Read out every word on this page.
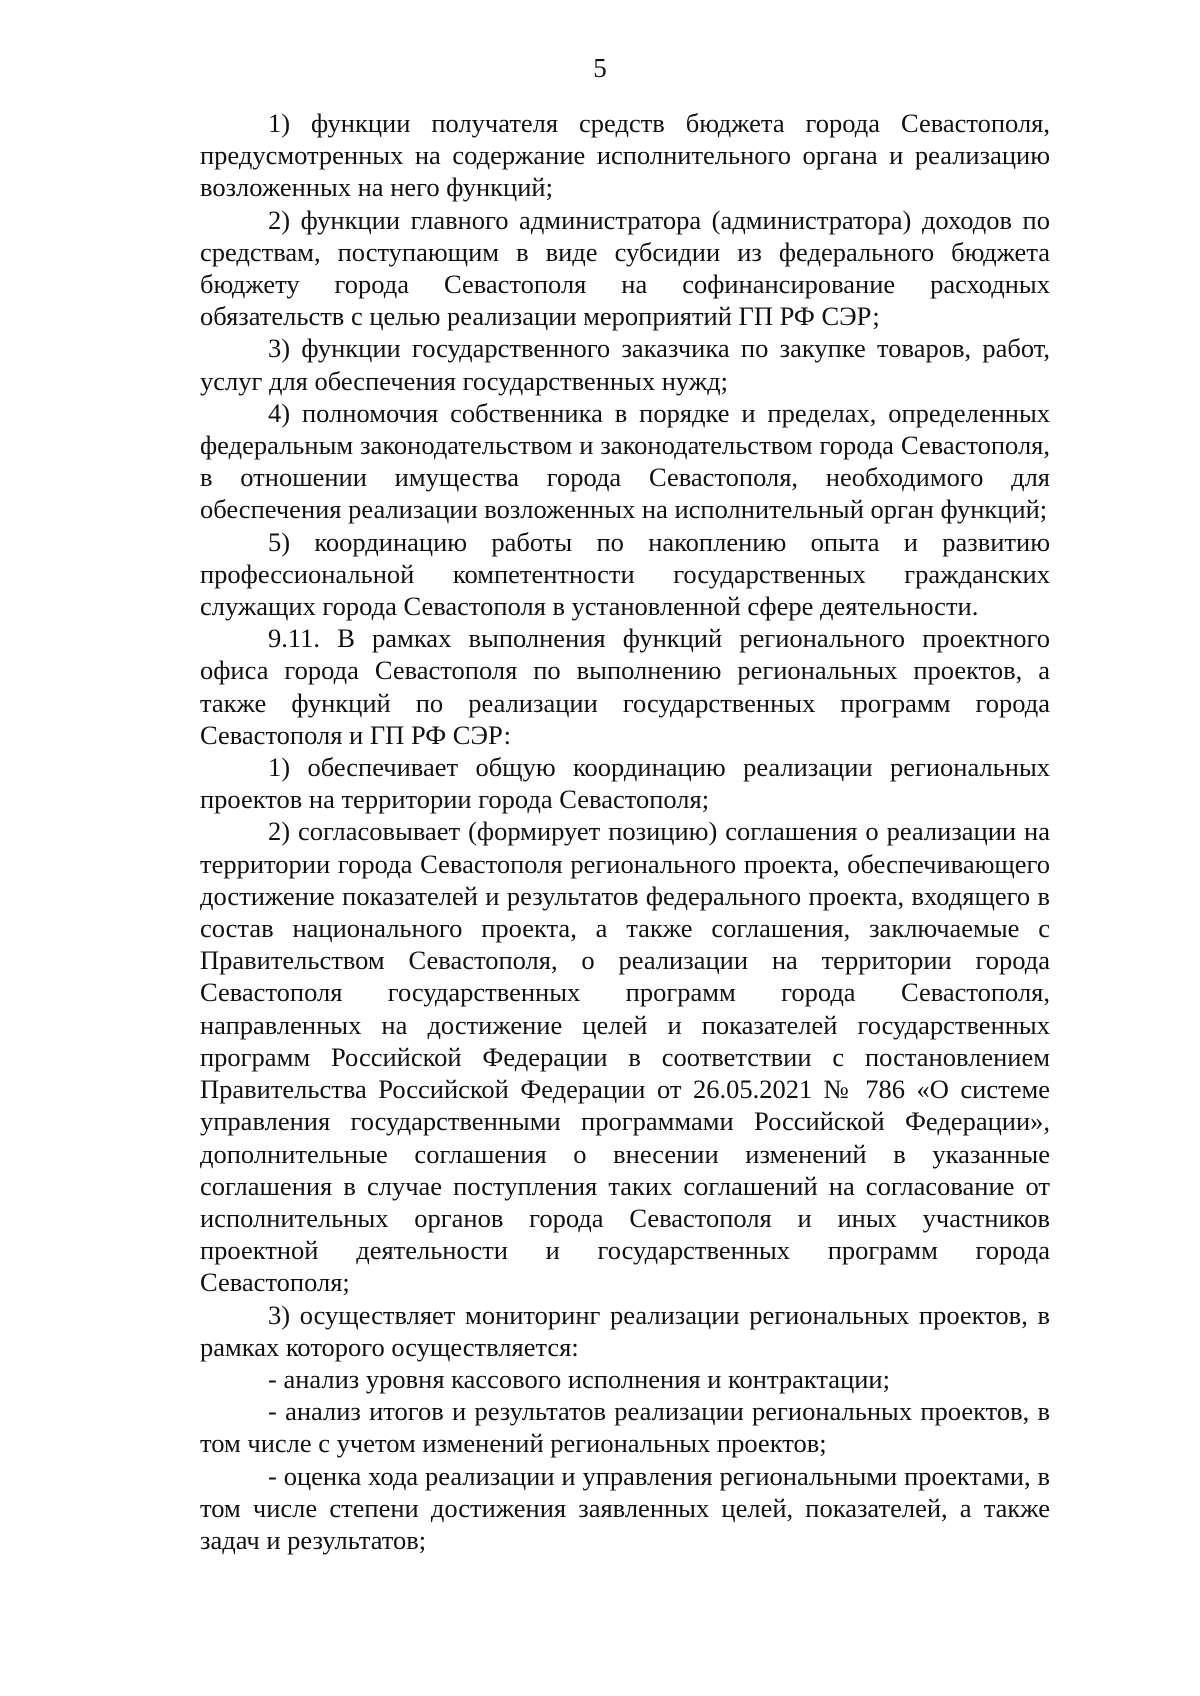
5

1) функции получателя средств бюджета города Севастополя, предусмотренных на содержание исполнительного органа и реализацию возложенных на него функций;

2) функции главного администратора (администратора) доходов по средствам, поступающим в виде субсидии из федерального бюджета бюджету города Севастополя на софинансирование расходных обязательств с целью реализации мероприятий ГП РФ СЭР;

3) функции государственного заказчика по закупке товаров, работ, услуг для обеспечения государственных нужд;

4) полномочия собственника в порядке и пределах, определенных федеральным законодательством и законодательством города Севастополя, в отношении имущества города Севастополя, необходимого для обеспечения реализации возложенных на исполнительный орган функций;

5) координацию работы по накоплению опыта и развитию профессиональной компетентности государственных гражданских служащих города Севастополя в установленной сфере деятельности.

9.11. В рамках выполнения функций регионального проектного офиса города Севастополя по выполнению региональных проектов, а также функций по реализации государственных программ города Севастополя и ГП РФ СЭР:

1) обеспечивает общую координацию реализации региональных проектов на территории города Севастополя;

2) согласовывает (формирует позицию) соглашения о реализации на территории города Севастополя регионального проекта, обеспечивающего достижение показателей и результатов федерального проекта, входящего в состав национального проекта, а также соглашения, заключаемые с Правительством Севастополя, о реализации на территории города Севастополя государственных программ города Севастополя, направленных на достижение целей и показателей государственных программ Российской Федерации в соответствии с постановлением Правительства Российской Федерации от 26.05.2021 № 786 «О системе управления государственными программами Российской Федерации», дополнительные соглашения о внесении изменений в указанные соглашения в случае поступления таких соглашений на согласование от исполнительных органов города Севастополя и иных участников проектной деятельности и государственных программ города Севастополя;

3) осуществляет мониторинг реализации региональных проектов, в рамках которого осуществляется:

- анализ уровня кассового исполнения и контрактации;

- анализ итогов и результатов реализации региональных проектов, в том числе с учетом изменений региональных проектов;

- оценка хода реализации и управления региональными проектами, в том числе степени достижения заявленных целей, показателей, а также задач и результатов;
